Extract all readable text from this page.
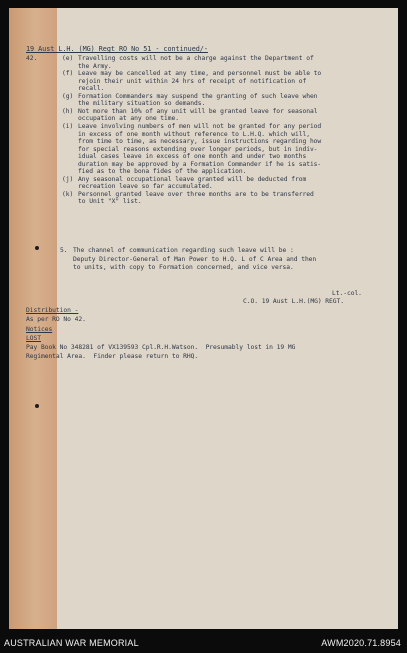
19 Aust L.H. (MG) Regt RO No 51 - continued/-
42.	(e) Travelling costs will not be a charge against the Department of
the Army.
(f) Leave may be cancelled at any time, and personnel must be able to
rejoin their unit within 24 hrs of receipt of notification of
recall.
(g) Formation Commanders may suspend the granting of such leave when
the military situation so demands.
(h) Not more than 10% of any unit will be granted leave for seasonal
occupation at any one time.
(i) Leave involving numbers of men will not be granted for any period
in excess of one month without reference to L.H.Q. which will,
from time to time, as necessary, issue instructions regarding how
for special reasons extending over longer periods, but in indiv-
idual cases leave in excess of one month and under two months
duration may be approved by a Formation Commander if he is satis-
fied as to the bona fides of the application.
(j) Any seasonal occupational leave granted will be deducted from
recreation leave so far accumulated.
(k) Personnel granted leave over three months are to be transferred
to Unit "X" list.
5. The channel of communication regarding such leave will be :
Deputy Director-General of Man Power to H.Q. L of C Area and then
to units, with copy to Formation concerned, and vice versa.
Lt.-col.
C.O. 19 Aust L.H.(MG) REGT.
Distribution -
As per RO No 42.
Notices
LOST
Pay Book No 348281 of VX139593 Cpl.R.H.Watson.  Presumably lost in 19 MG
Regimental Area.  Finder please return to RHQ.
AUSTRALIAN WAR MEMORIAL	AWM2020.71.8954
